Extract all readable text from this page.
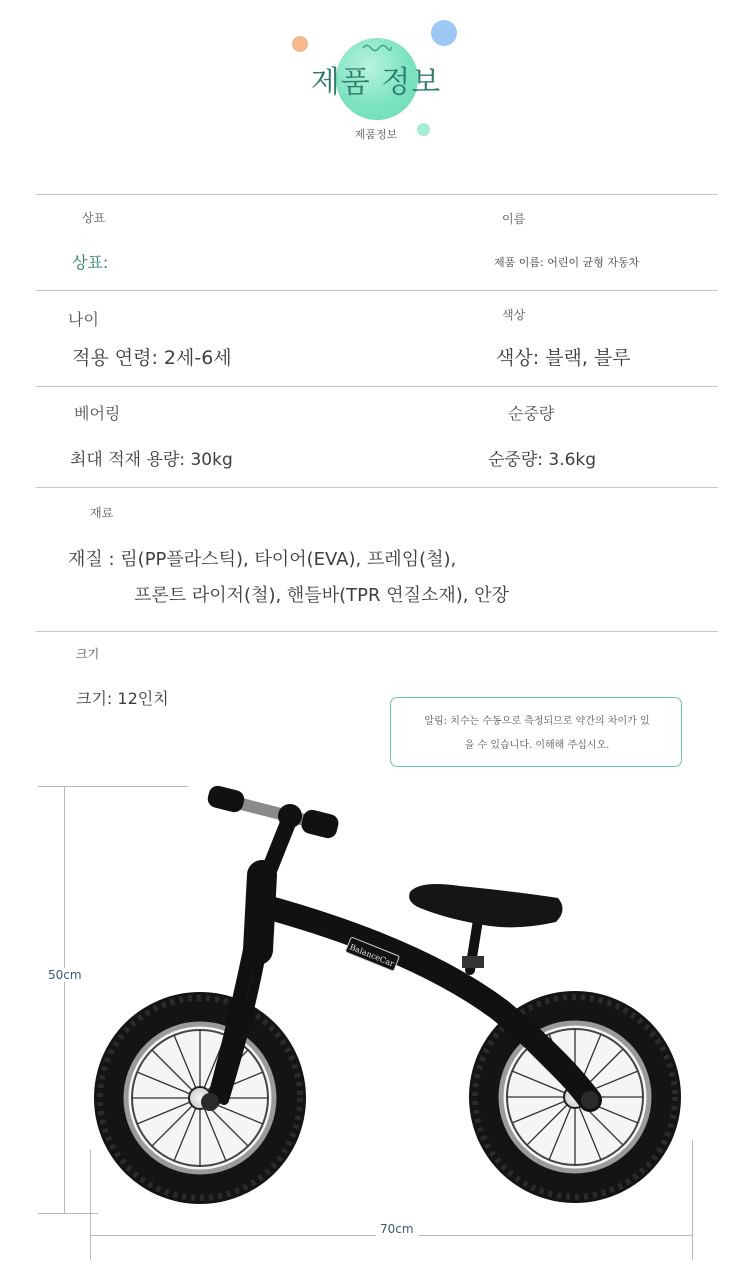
제품 정보
제품정보
상표	이름
상표:	제품 이름: 어린이 균형 자동차
나이	색상
적용 연령: 2세-6세	색상: 블랙, 블루
베어링	순중량
최대 적재 용량: 30kg	순중량: 3.6kg
재료
재질 : 림(PP플라스틱), 타이어(EVA), 프레임(철),
프론트 라이저(철), 핸들바(TPR 연질소재), 안장
크기
크기: 12인치
알림: 치수는 수동으로 측정되므로 약간의 차이가 있
을 수 있습니다. 이해해 주십시오.
50cm
70cm
BalanceCar
